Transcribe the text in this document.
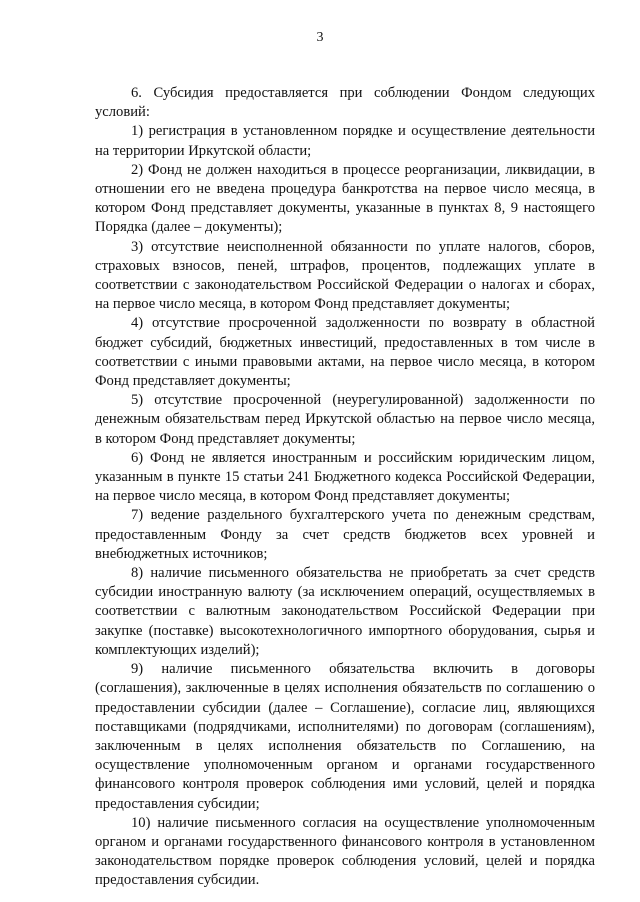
3

6. Субсидия предоставляется при соблюдении Фондом следующих условий:

1) регистрация в установленном порядке и осуществление деятельности на территории Иркутской области;

2) Фонд не должен находиться в процессе реорганизации, ликвидации, в отношении его не введена процедура банкротства на первое число месяца, в котором Фонд представляет документы, указанные в пунктах 8, 9 настоящего Порядка (далее – документы);

3) отсутствие неисполненной обязанности по уплате налогов, сборов, страховых взносов, пеней, штрафов, процентов, подлежащих уплате в соответствии с законодательством Российской Федерации о налогах и сборах, на первое число месяца, в котором Фонд представляет документы;

4) отсутствие просроченной задолженности по возврату в областной бюджет субсидий, бюджетных инвестиций, предоставленных в том числе в соответствии с иными правовыми актами, на первое число месяца, в котором Фонд представляет документы;

5) отсутствие просроченной (неурегулированной) задолженности по денежным обязательствам перед Иркутской областью на первое число месяца, в котором Фонд представляет документы;

6) Фонд не является иностранным и российским юридическим лицом, указанным в пункте 15 статьи 241 Бюджетного кодекса Российской Федерации, на первое число месяца, в котором Фонд представляет документы;

7) ведение раздельного бухгалтерского учета по денежным средствам, предоставленным Фонду за счет средств бюджетов всех уровней и внебюджетных источников;

8) наличие письменного обязательства не приобретать за счет средств субсидии иностранную валюту (за исключением операций, осуществляемых в соответствии с валютным законодательством Российской Федерации при закупке (поставке) высокотехнологичного импортного оборудования, сырья и комплектующих изделий);

9) наличие письменного обязательства включить в договоры (соглашения), заключенные в целях исполнения обязательств по соглашению о предоставлении субсидии (далее – Соглашение), согласие лиц, являющихся поставщиками (подрядчиками, исполнителями) по договорам (соглашениям), заключенным в целях исполнения обязательств по Соглашению, на осуществление уполномоченным органом и органами государственного финансового контроля проверок соблюдения ими условий, целей и порядка предоставления субсидии;

10) наличие письменного согласия на осуществление уполномоченным органом и органами государственного финансового контроля в установленном законодательством порядке проверок соблюдения условий, целей и порядка предоставления субсидии.
